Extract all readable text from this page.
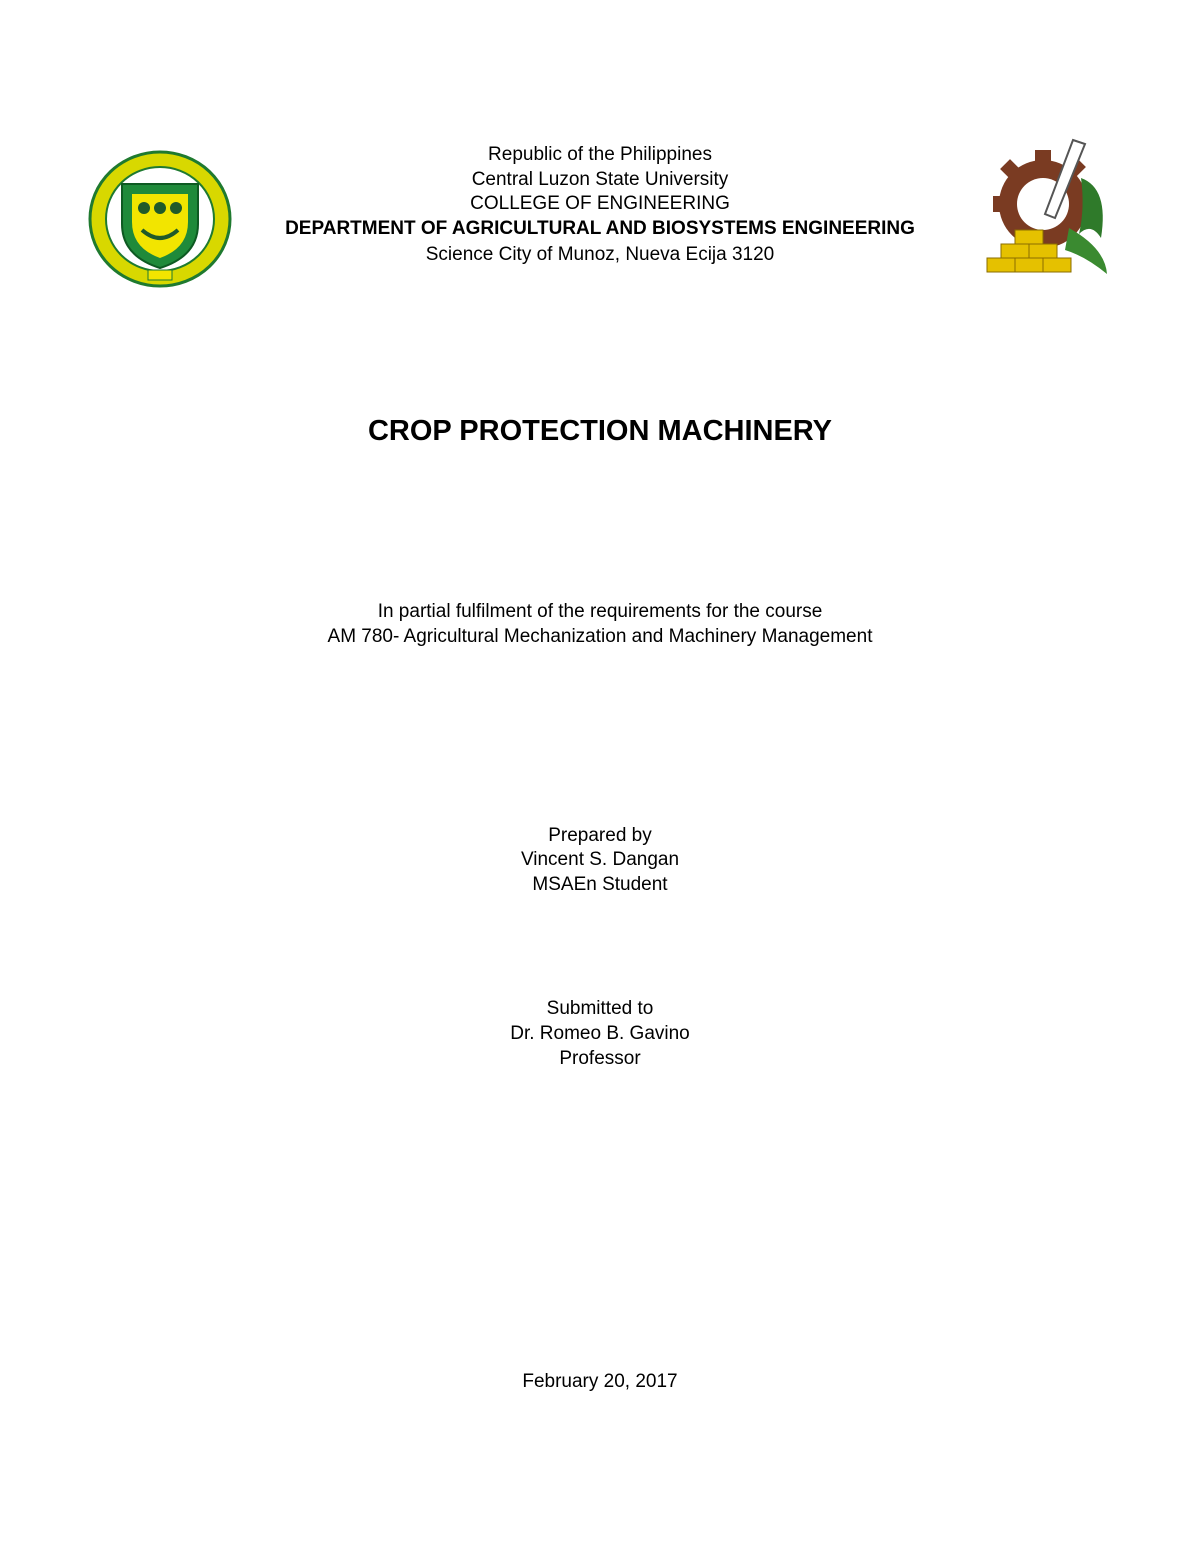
Republic of the Philippines
Central Luzon State University
COLLEGE OF ENGINEERING
DEPARTMENT OF AGRICULTURAL AND BIOSYSTEMS ENGINEERING
Science City of Munoz, Nueva Ecija 3120
CROP PROTECTION MACHINERY
In partial fulfilment of the requirements for the course
AM 780- Agricultural Mechanization and Machinery Management
Prepared by
Vincent S. Dangan
MSAEn Student
Submitted to
Dr. Romeo B. Gavino
Professor
February 20, 2017
